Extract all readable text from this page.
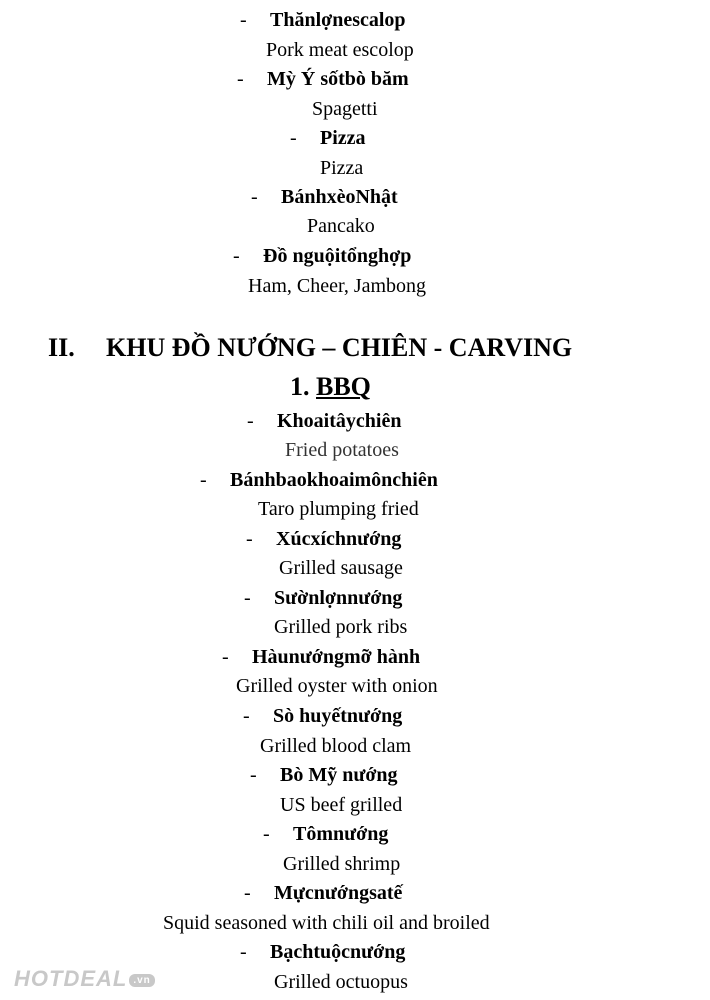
- Thănlợnescalop
Pork meat escolop
- Mỳ Ý sốtbò băm
Spagetti
- Pizza
Pizza
- BánhxèoNhật
Pancako
- Đồ nguộitổnghợp
Ham, Cheer, Jambong
II. KHU ĐỒ NƯỚNG – CHIÊN - CARVING
1. BBQ
- Khoaitâychiên
Fried potatoes
- Bánhbaokhoaimônchiên
Taro plumping fried
- Xúcxíchnướng
Grilled sausage
- Sườnlợnnướng
Grilled pork ribs
- Hàunướngmỡ hành
Grilled oyster with onion
- Sò huyếtnướng
Grilled blood clam
- Bò Mỹ nướng
US beef grilled
- Tômnướng
Grilled shrimp
- Mựcnướngsatế
Squid seasoned with chili oil and broiled
- Bạchtuộcnướng
Grilled octuopus
HOTDEAL .vn
